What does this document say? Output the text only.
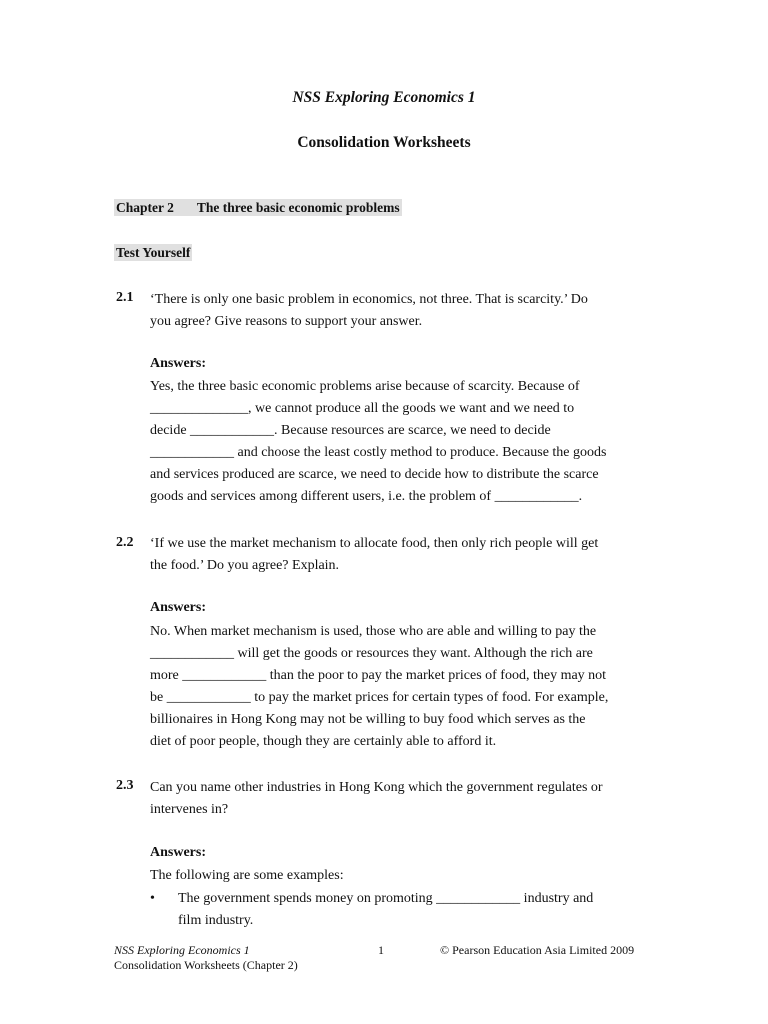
NSS Exploring Economics 1
Consolidation Worksheets
Chapter 2 The three basic economic problems
Test Yourself
2.1 ‘There is only one basic problem in economics, not three. That is scarcity.’ Do
you agree? Give reasons to support your answer.
Answers:
Yes, the three basic economic problems arise because of scarcity. Because of
______________, we cannot produce all the goods we want and we need to
decide ____________. Because resources are scarce, we need to decide
____________ and choose the least costly method to produce. Because the goods
and services produced are scarce, we need to decide how to distribute the scarce
goods and services among different users, i.e. the problem of ____________.
2.2 ‘If we use the market mechanism to allocate food, then only rich people will get
the food.’ Do you agree? Explain.
Answers:
No. When market mechanism is used, those who are able and willing to pay the
____________ will get the goods or resources they want. Although the rich are
more ____________ than the poor to pay the market prices of food, they may not
be ____________ to pay the market prices for certain types of food. For example,
billionaires in Hong Kong may not be willing to buy food which serves as the
diet of poor people, though they are certainly able to afford it.
2.3 Can you name other industries in Hong Kong which the government regulates or
intervenes in?
Answers:
The following are some examples:
• The government spends money on promoting ____________ industry and
film industry.
NSS Exploring Economics 1
Consolidation Worksheets (Chapter 2)
1	© Pearson Education Asia Limited 2009
